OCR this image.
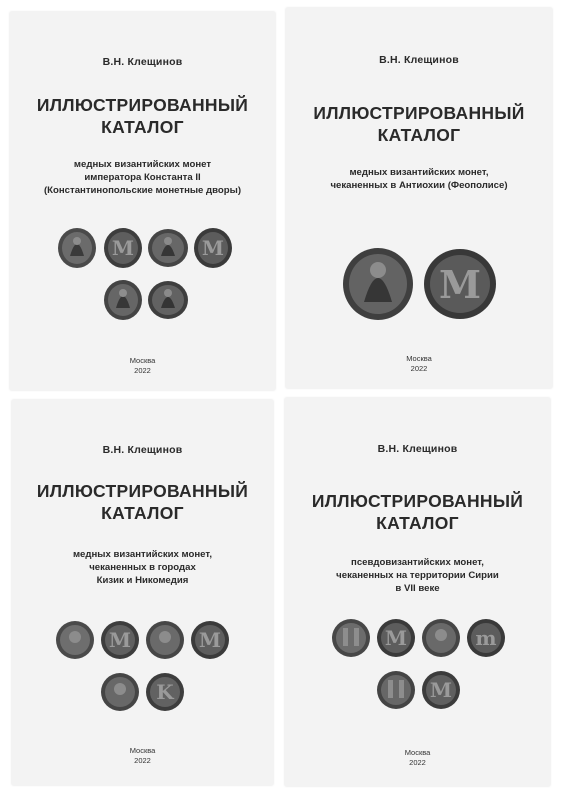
В.Н. Клещинов
ИЛЛЮСТРИРОВАННЫЙ
КАТАЛОГ
медных византийских монет
императора Константа II
(Константинопольские монетные дворы)
M	M
Москва
2022
В.Н. Клещинов
ИЛЛЮСТРИРОВАННЫЙ
КАТАЛОГ
медных византийских монет,
чеканенных в Антиохии (Феополисе)
M
Москва
2022
В.Н. Клещинов
ИЛЛЮСТРИРОВАННЫЙ
КАТАЛОГ
медных византийских монет,
чеканенных в городах
Кизик и Никомедия
M	M
K
Москва
2022
В.Н. Клещинов
ИЛЛЮСТРИРОВАННЫЙ
КАТАЛОГ
псевдовизантийских монет,
чеканенных на территории Сирии
в VII веке
M	m
M
Москва
2022
